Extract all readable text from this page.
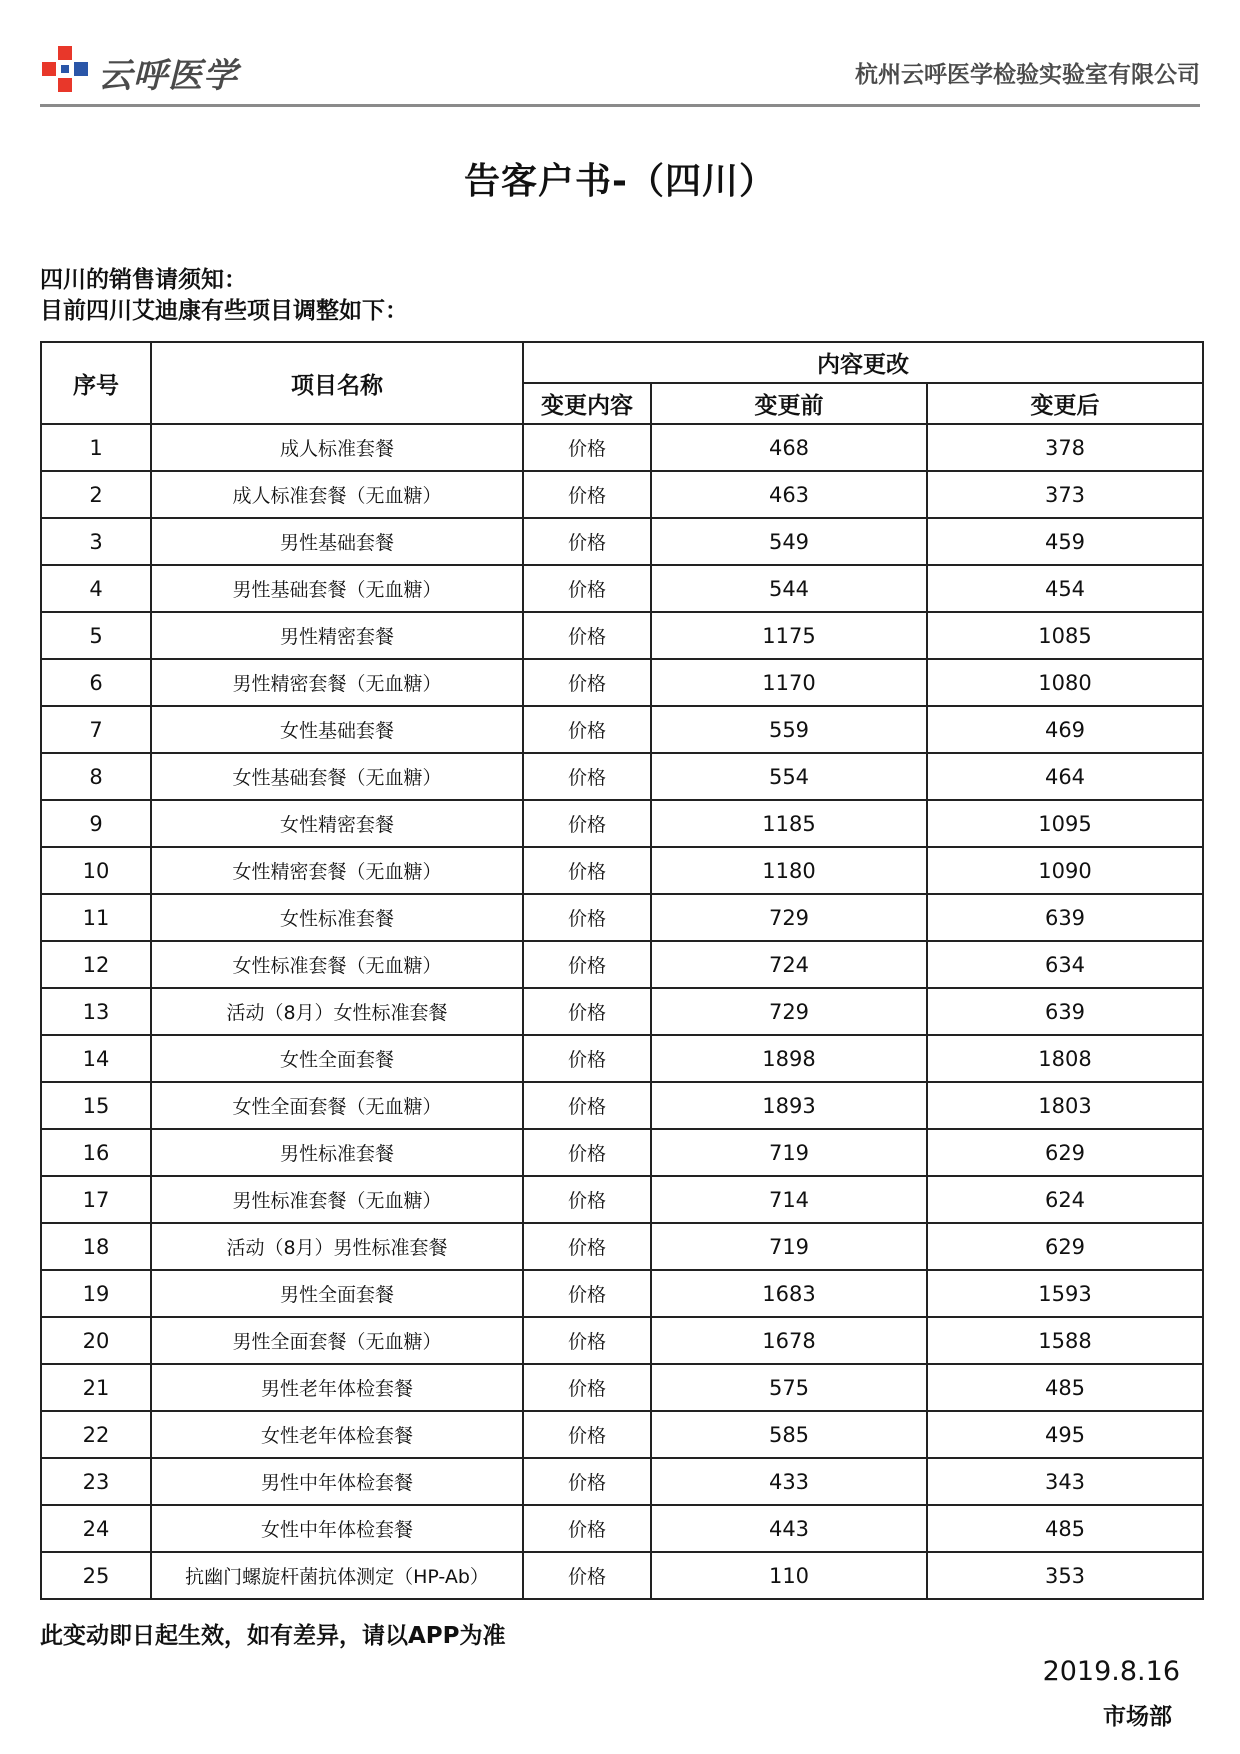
云呼医学	杭州云呼医学检验实验室有限公司
告客户书-（四川）
四川的销售请须知：
目前四川艾迪康有些项目调整如下：
序号	项目名称	内容更改		
		变更内容	变更前	变更后
1	成人标准套餐	价格	468	378
2	成人标准套餐（无血糖）	价格	463	373
3	男性基础套餐	价格	549	459
4	男性基础套餐（无血糖）	价格	544	454
5	男性精密套餐	价格	1175	1085
6	男性精密套餐（无血糖）	价格	1170	1080
7	女性基础套餐	价格	559	469
8	女性基础套餐（无血糖）	价格	554	464
9	女性精密套餐	价格	1185	1095
10	女性精密套餐（无血糖）	价格	1180	1090
11	女性标准套餐	价格	729	639
12	女性标准套餐（无血糖）	价格	724	634
13	活动（8月）女性标准套餐	价格	729	639
14	女性全面套餐	价格	1898	1808
15	女性全面套餐（无血糖）	价格	1893	1803
16	男性标准套餐	价格	719	629
17	男性标准套餐（无血糖）	价格	714	624
18	活动（8月）男性标准套餐	价格	719	629
19	男性全面套餐	价格	1683	1593
20	男性全面套餐（无血糖）	价格	1678	1588
21	男性老年体检套餐	价格	575	485
22	女性老年体检套餐	价格	585	495
23	男性中年体检套餐	价格	433	343
24	女性中年体检套餐	价格	443	485
25	抗幽门螺旋杆菌抗体测定（HP-Ab）	价格	110	353
此变动即日起生效，如有差异，请以APP为准
2019.8.16
市场部
